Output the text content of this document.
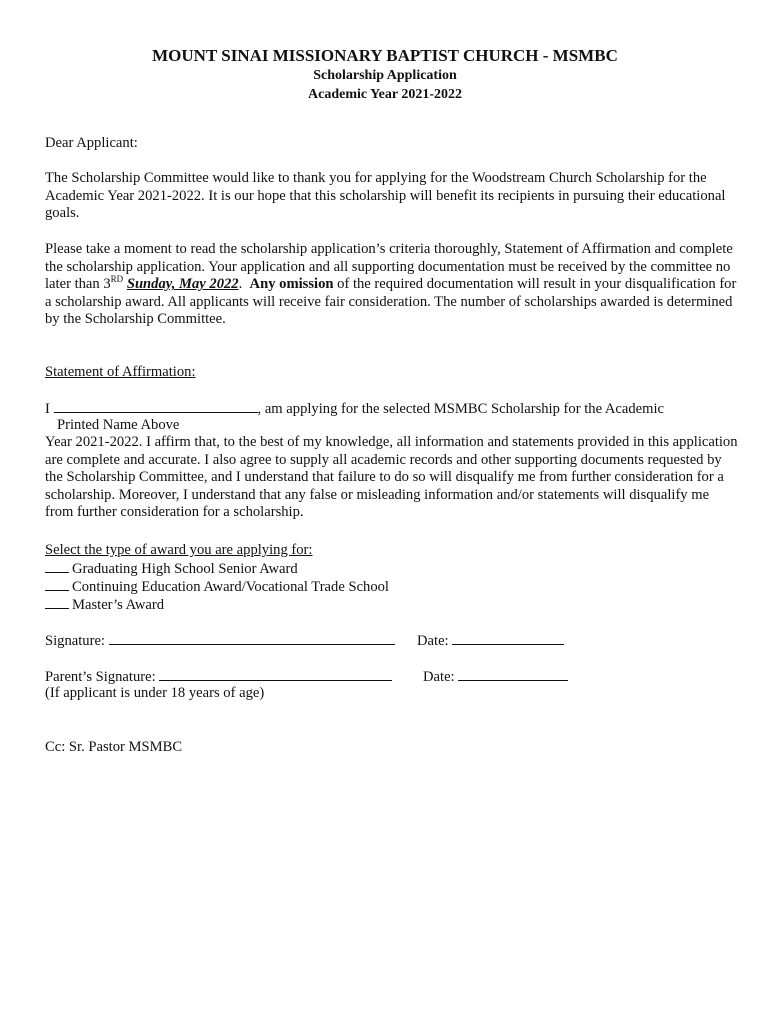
MOUNT SINAI MISSIONARY BAPTIST CHURCH - MSMBC
Scholarship Application
Academic Year 2021-2022
Dear Applicant:
The Scholarship Committee would like to thank you for applying for the Woodstream Church Scholarship for the Academic Year 2021-2022. It is our hope that this scholarship will benefit its recipients in pursuing their educational goals.
Please take a moment to read the scholarship application’s criteria thoroughly, Statement of Affirmation and complete the scholarship application. Your application and all supporting documentation must be received by the committee no later than 3RD Sunday, May 2022. Any omission of the required documentation will result in your disqualification for a scholarship award. All applicants will receive fair consideration. The number of scholarships awarded is determined by the Scholarship Committee.
Statement of Affirmation:
I	, am applying for the selected MSMBC Scholarship for the Academic
Printed Name Above
Year 2021-2022. I affirm that, to the best of my knowledge, all information and statements provided in this application are complete and accurate. I also agree to supply all academic records and other supporting documents requested by the Scholarship Committee, and I understand that failure to do so will disqualify me from further consideration for a scholarship. Moreover, I understand that any false or misleading information and/or statements will disqualify me from further consideration for a scholarship.
Select the type of award you are applying for:
Graduating High School Senior Award
Continuing Education Award/Vocational Trade School
Master’s Award
Signature:	Date:
Parent’s Signature:	Date:
(If applicant is under 18 years of age)
Cc: Sr. Pastor MSMBC
